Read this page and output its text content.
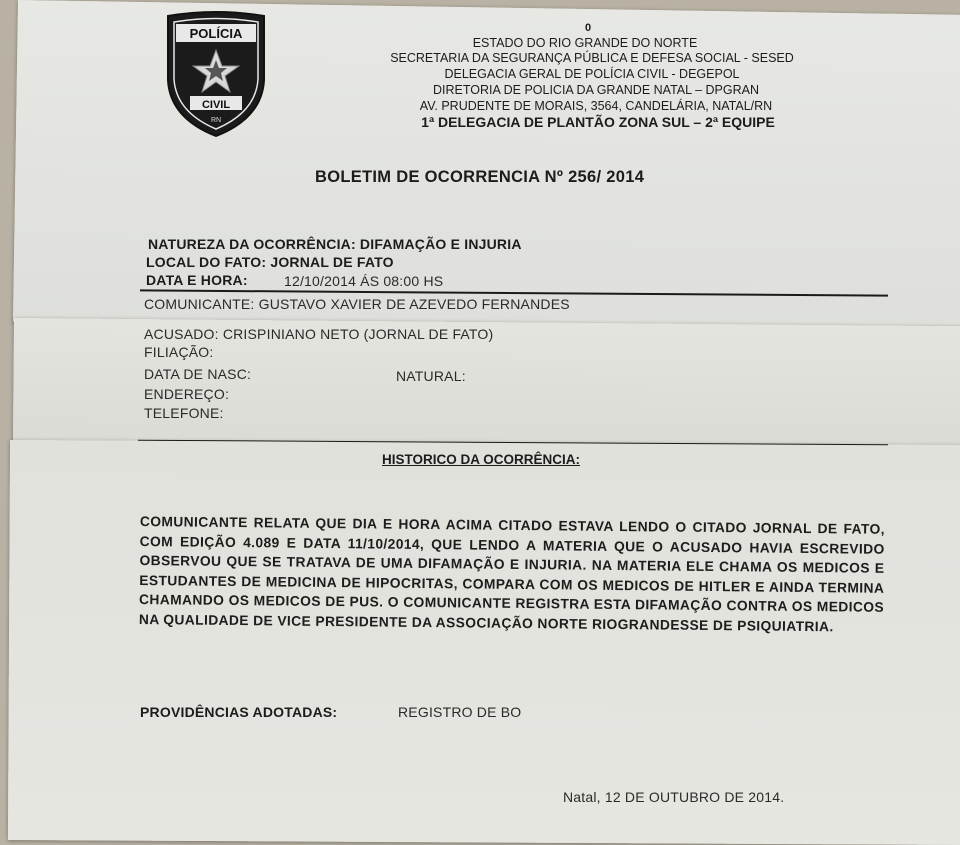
POLÍCIA
CIVIL
RN
0
ESTADO DO RIO GRANDE DO NORTE
SECRETARIA DA SEGURANÇA PÚBLICA E DEFESA SOCIAL - SESED
DELEGACIA GERAL DE POLÍCIA CIVIL - DEGEPOL
DIRETORIA DE POLICIA DA GRANDE NATAL – DPGRAN
AV. PRUDENTE DE MORAIS, 3564, CANDELÁRIA, NATAL/RN
1ª DELEGACIA DE PLANTÃO ZONA SUL – 2ª EQUIPE
BOLETIM DE OCORRENCIA Nº 256/ 2014
NATUREZA DA OCORRÊNCIA: DIFAMAÇÃO E INJURIA
LOCAL DO FATO: JORNAL DE FATO
DATA E HORA:	12/10/2014 ÁS 08:00 HS
COMUNICANTE: GUSTAVO XAVIER DE AZEVEDO FERNANDES
ACUSADO: CRISPINIANO NETO (JORNAL DE FATO)
FILIAÇÃO:
DATA DE NASC:	NATURAL:
ENDEREÇO:
TELEFONE:
HISTORICO DA OCORRÊNCIA:
COMUNICANTE RELATA QUE DIA E HORA ACIMA CITADO ESTAVA LENDO O CITADO JORNAL DE FATO, COM EDIÇÃO 4.089 E DATA 11/10/2014, QUE LENDO A MATERIA QUE O ACUSADO HAVIA ESCREVIDO OBSERVOU QUE SE TRATAVA DE UMA DIFAMAÇÃO E INJURIA. NA MATERIA ELE CHAMA OS MEDICOS E ESTUDANTES DE MEDICINA DE HIPOCRITAS, COMPARA COM OS MEDICOS DE HITLER E AINDA TERMINA CHAMANDO OS MEDICOS DE PUS. O COMUNICANTE REGISTRA ESTA DIFAMAÇÃO CONTRA OS MEDICOS NA QUALIDADE DE VICE PRESIDENTE DA ASSOCIAÇÃO NORTE RIOGRANDESSE DE PSIQUIATRIA.
PROVIDÊNCIAS ADOTADAS:	REGISTRO DE BO
Natal, 12 DE OUTUBRO DE 2014.
